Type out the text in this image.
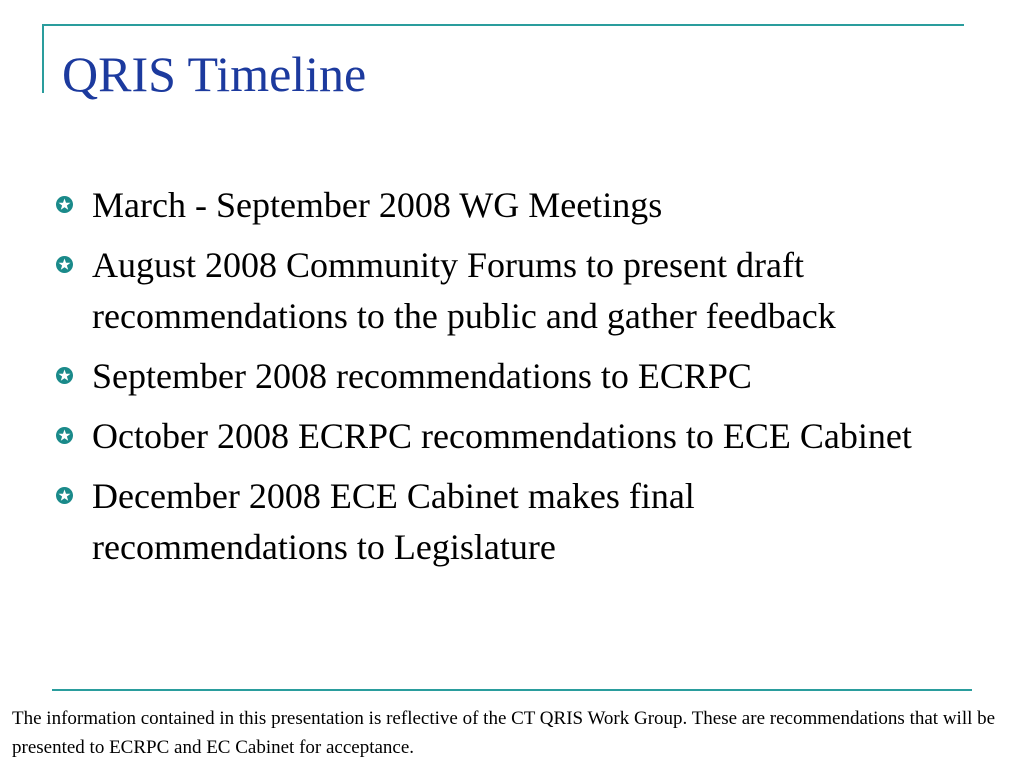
QRIS Timeline
March - September 2008 WG Meetings
August 2008 Community Forums to present draft recommendations to the public and gather feedback
September 2008 recommendations to ECRPC
October 2008 ECRPC recommendations to ECE Cabinet
December 2008 ECE Cabinet makes final recommendations to Legislature

The information contained in this presentation is reflective of the CT QRIS Work Group. These are recommendations that will be presented to ECRPC and EC Cabinet for acceptance.
